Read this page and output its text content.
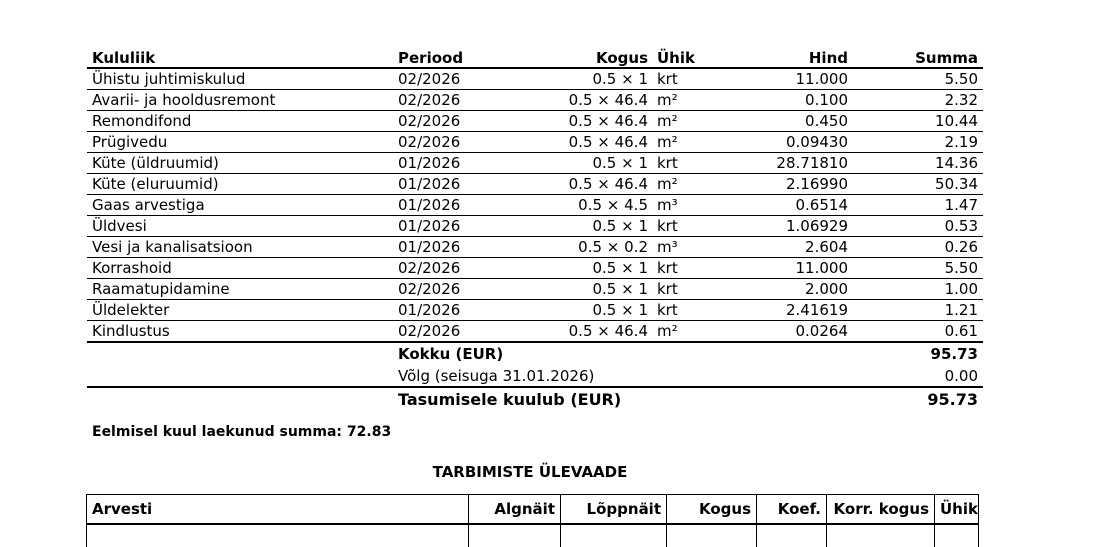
Kululiik	Periood	Kogus	Ühik	Hind	Summa
Ühistu juhtimiskulud	02/2026	0.5 × 1	krt	11.000	5.50
Avarii- ja hooldusremont	02/2026	0.5 × 46.4	m²	0.100	2.32
Remondifond	02/2026	0.5 × 46.4	m²	0.450	10.44
Prügivedu	02/2026	0.5 × 46.4	m²	0.09430	2.19
Küte (üldruumid)	01/2026	0.5 × 1	krt	28.71810	14.36
Küte (eluruumid)	01/2026	0.5 × 46.4	m²	2.16990	50.34
Gaas arvestiga	01/2026	0.5 × 4.5	m³	0.6514	1.47
Üldvesi	01/2026	0.5 × 1	krt	1.06929	0.53
Vesi ja kanalisatsioon	01/2026	0.5 × 0.2	m³	2.604	0.26
Korrashoid	02/2026	0.5 × 1	krt	11.000	5.50
Raamatupidamine	02/2026	0.5 × 1	krt	2.000	1.00
Üldelekter	01/2026	0.5 × 1	krt	2.41619	1.21
Kindlustus	02/2026	0.5 × 46.4	m²	0.0264	0.61
	Kokku (EUR)				95.73
	Võlg (seisuga 31.01.2026)				0.00
	Tasumisele kuulub (EUR)				95.73
Eelmisel kuul laekunud summa: 72.83
TARBIMISTE ÜLEVAADE
Arvesti	Algnäit	Lõppnäit	Kogus	Koef.	Korr. kogus	Ühik
